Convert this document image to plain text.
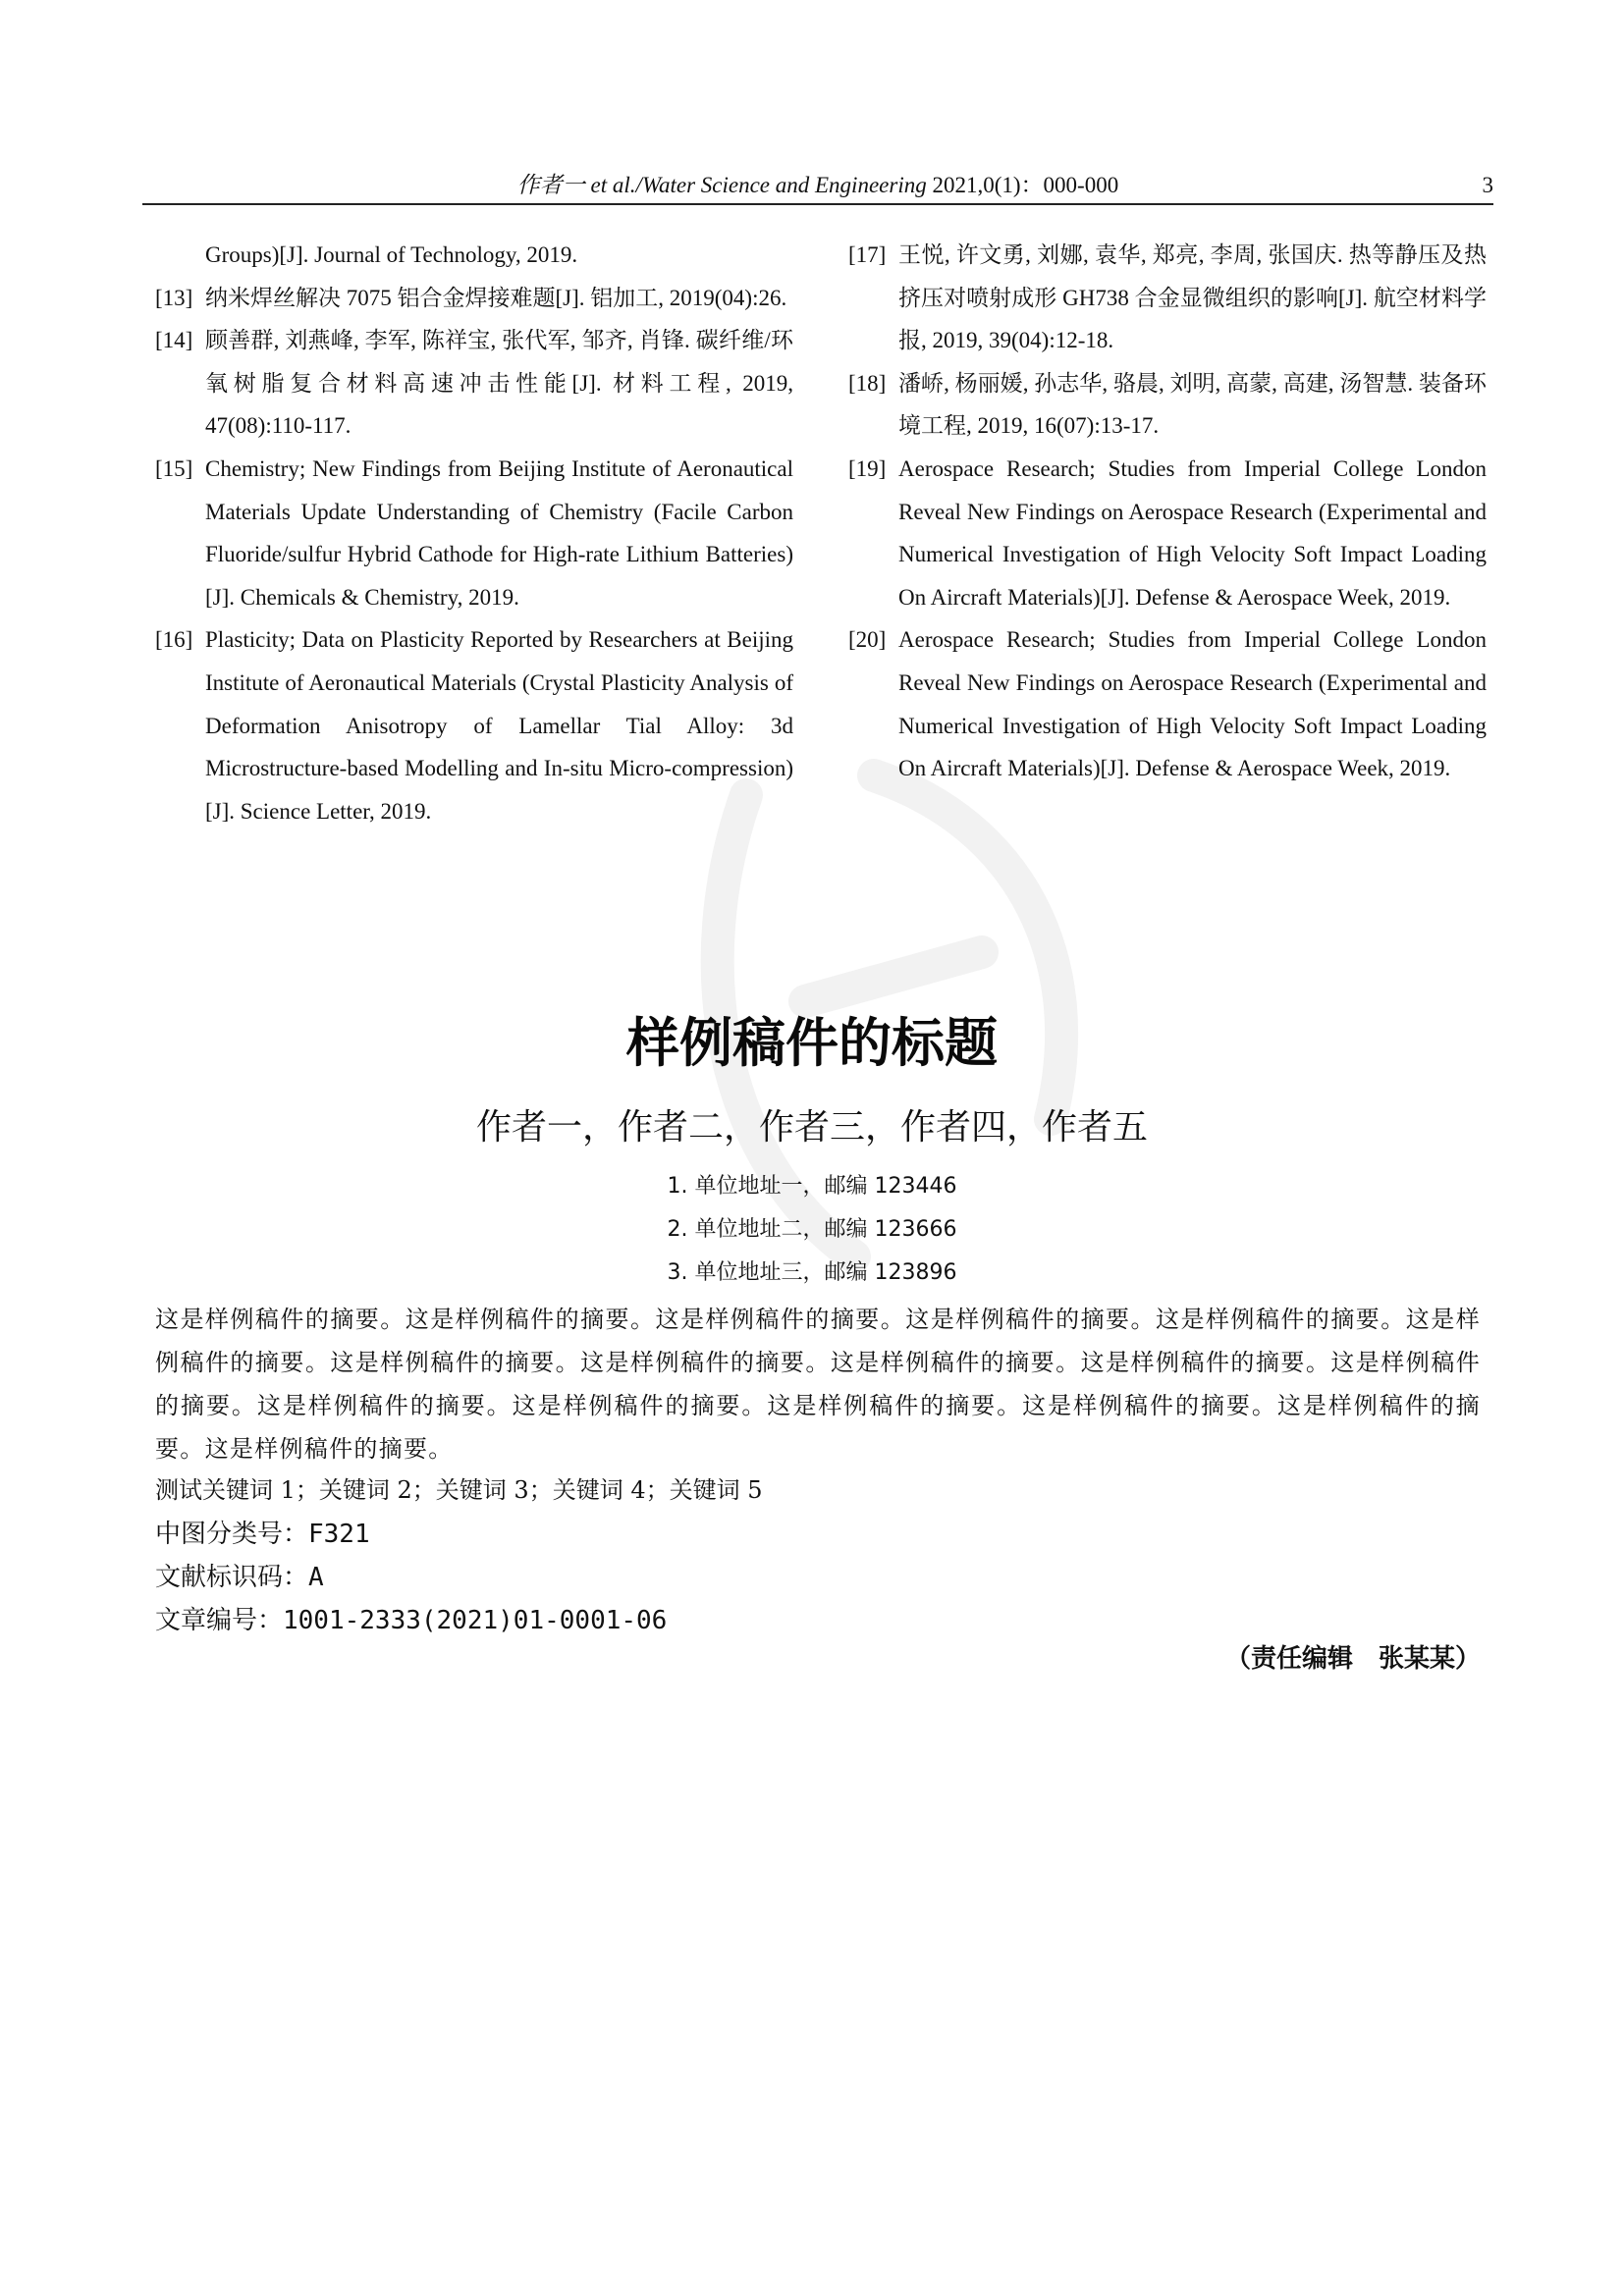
作者一 et al./Water Science and Engineering 2021,0(1)：000-000	3
Groups)[J]. Journal of Technology, 2019.
[13] 纳米焊丝解决 7075 铝合金焊接难题[J]. 铝加工, 2019(04):26.
[14] 顾善群, 刘燕峰, 李军, 陈祥宝, 张代军, 邹齐, 肖锋. 碳纤维/环氧树脂复合材料高速冲击性能[J]. 材料工程, 2019, 47(08):110-117.
[15] Chemistry; New Findings from Beijing Institute of Aeronautical Materials Update Understanding of Chemistry (Facile Carbon Fluoride/sulfur Hybrid Cathode for High-rate Lithium Batteries)[J]. Chemicals & Chemistry, 2019.
[16] Plasticity; Data on Plasticity Reported by Researchers at Beijing Institute of Aeronautical Materials (Crystal Plasticity Analysis of Deformation Anisotropy of Lamellar Tial Alloy: 3d Microstructure-based Modelling and In-situ Micro-compression)[J]. Science Letter, 2019.
[17] 王悦, 许文勇, 刘娜, 袁华, 郑亮, 李周, 张国庆. 热等静压及热挤压对喷射成形 GH738 合金显微组织的影响[J]. 航空材料学报, 2019, 39(04):12-18.
[18] 潘峤, 杨丽媛, 孙志华, 骆晨, 刘明, 高蒙, 高建, 汤智慧. 装备环境工程, 2019, 16(07):13-17.
[19] Aerospace Research; Studies from Imperial College London Reveal New Findings on Aerospace Research (Experimental and Numerical Investigation of High Velocity Soft Impact Loading On Aircraft Materials)[J]. Defense & Aerospace Week, 2019.
[20] Aerospace Research; Studies from Imperial College London Reveal New Findings on Aerospace Research (Experimental and Numerical Investigation of High Velocity Soft Impact Loading On Aircraft Materials)[J]. Defense & Aerospace Week, 2019.
样例稿件的标题
作者一，作者二，作者三，作者四，作者五
1. 单位地址一，邮编 123446
2. 单位地址二，邮编 123666
3. 单位地址三，邮编 123896
这是样例稿件的摘要。这是样例稿件的摘要。这是样例稿件的摘要。这是样例稿件的摘要。这是样例稿件的摘要。这是样例稿件的摘要。这是样例稿件的摘要。这是样例稿件的摘要。这是样例稿件的摘要。这是样例稿件的摘要。这是样例稿件的摘要。这是样例稿件的摘要。这是样例稿件的摘要。这是样例稿件的摘要。这是样例稿件的摘要。这是样例稿件的摘要。这是样例稿件的摘要。
测试关键词 1；关键词 2；关键词 3；关键词 4；关键词 5
中图分类号：F321
文献标识码：A
文章编号：1001-2333(2021)01-0001-06
（责任编辑　张某某）
